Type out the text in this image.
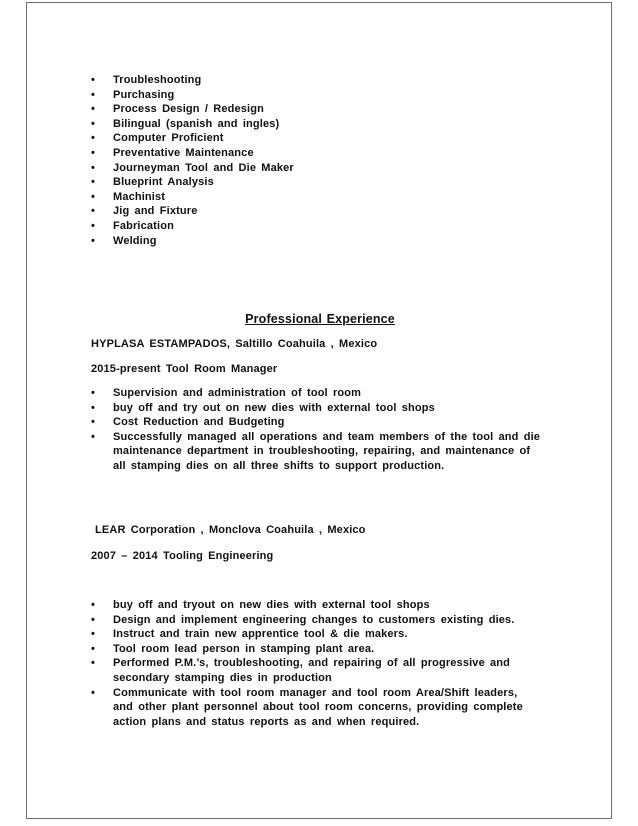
• Troubleshooting
• Purchasing
• Process Design / Redesign
• Bilingual (spanish and ingles)
• Computer Proficient
• Preventative Maintenance
• Journeyman Tool and Die Maker
• Blueprint Analysis
• Machinist
• Jig and Fixture
• Fabrication
• Welding
Professional Experience
HYPLASA ESTAMPADOS, Saltillo Coahuila , Mexico
2015-present Tool Room Manager
• Supervision and administration of tool room
• buy off and try out on new dies with external tool shops
• Cost Reduction and Budgeting
• Successfully managed all operations and team members of the tool and die
maintenance department in troubleshooting, repairing, and maintenance of
all stamping dies on all three shifts to support production.
LEAR Corporation , Monclova Coahuila , Mexico
2007 – 2014 Tooling Engineering
• buy off and tryout on new dies with external tool shops
• Design and implement engineering changes to customers existing dies.
• Instruct and train new apprentice tool & die makers.
• Tool room lead person in stamping plant area.
• Performed P.M.’s, troubleshooting, and repairing of all progressive and
secondary stamping dies in production
• Communicate with tool room manager and tool room Area/Shift leaders,
and other plant personnel about tool room concerns, providing complete
action plans and status reports as and when required.
